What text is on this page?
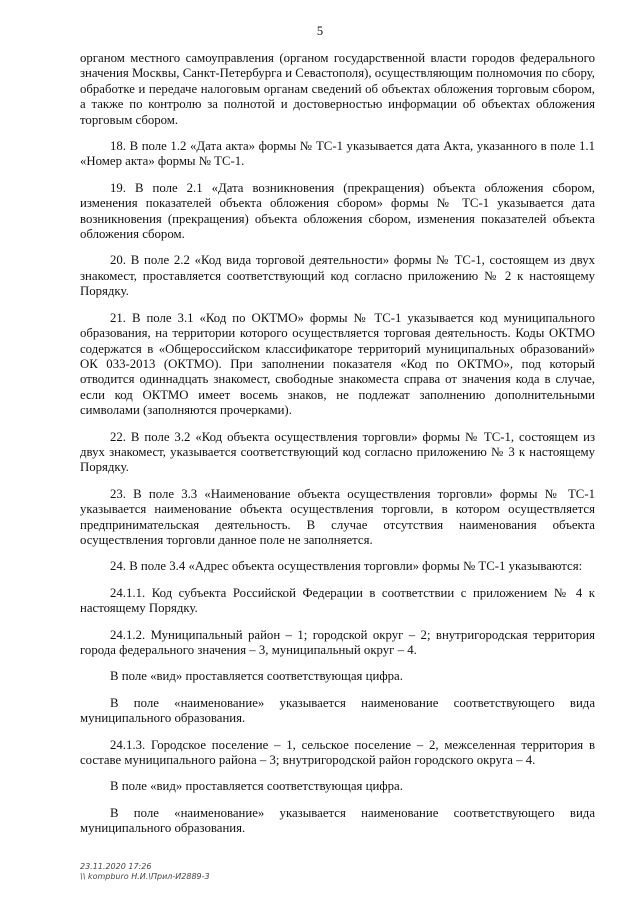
5

органом местного самоуправления (органом государственной власти городов федерального значения Москвы, Санкт-Петербурга и Севастополя), осуществляющим полномочия по сбору, обработке и передаче налоговым органам сведений об объектах обложения торговым сбором, а также по контролю за полнотой и достоверностью информации об объектах обложения торговым сбором.

18. В поле 1.2 «Дата акта» формы № ТС-1 указывается дата Акта, указанного в поле 1.1 «Номер акта» формы № ТС-1.

19. В поле 2.1 «Дата возникновения (прекращения) объекта обложения сбором, изменения показателей объекта обложения сбором» формы № ТС-1 указывается дата возникновения (прекращения) объекта обложения сбором, изменения показателей объекта обложения сбором.

20. В поле 2.2 «Код вида торговой деятельности» формы № ТС-1, состоящем из двух знакомест, проставляется соответствующий код согласно приложению № 2 к настоящему Порядку.

21. В поле 3.1 «Код по ОКТМО» формы № ТС-1 указывается код муниципального образования, на территории которого осуществляется торговая деятельность. Коды ОКТМО содержатся в «Общероссийском классификаторе территорий муниципальных образований» ОК 033-2013 (ОКТМО). При заполнении показателя «Код по ОКТМО», под который отводится одиннадцать знакомест, свободные знакоместа справа от значения кода в случае, если код ОКТМО имеет восемь знаков, не подлежат заполнению дополнительными символами (заполняются прочерками).

22. В поле 3.2 «Код объекта осуществления торговли» формы № ТС-1, состоящем из двух знакомест, указывается соответствующий код согласно приложению № 3 к настоящему Порядку.

23. В поле 3.3 «Наименование объекта осуществления торговли» формы № ТС-1 указывается наименование объекта осуществления торговли, в котором осуществляется предпринимательская деятельность. В случае отсутствия наименования объекта осуществления торговли данное поле не заполняется.

24. В поле 3.4 «Адрес объекта осуществления торговли» формы № ТС-1 указываются:

24.1.1. Код субъекта Российской Федерации в соответствии с приложением № 4 к настоящему Порядку.

24.1.2. Муниципальный район – 1; городской округ – 2; внутригородская территория города федерального значения – 3, муниципальный округ – 4.

В поле «вид» проставляется соответствующая цифра.

В поле «наименование» указывается наименование соответствующего вида муниципального образования.

24.1.3. Городское поселение – 1, сельское поселение – 2, межселенная территория в составе муниципального района – 3; внутригородской район городского округа – 4.

В поле «вид» проставляется соответствующая цифра.

В поле «наименование» указывается наименование соответствующего вида муниципального образования.

23.11.2020 17:26
\\ kompburo Н.И.\Прил-И2889-3
